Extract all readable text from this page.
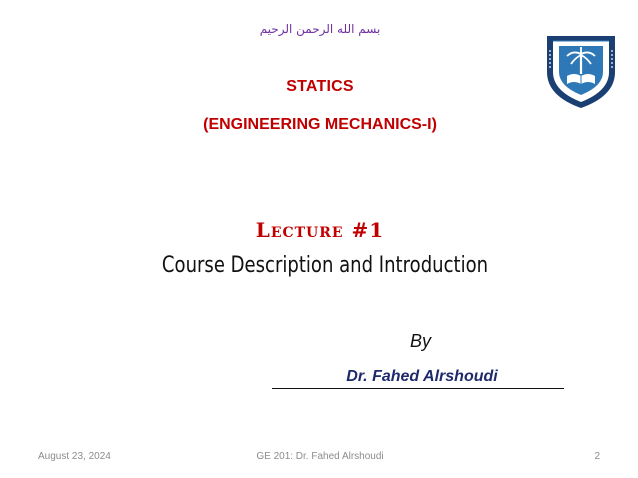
بسم الله الرحمن الرحيم
STATICS
(ENGINEERING MECHANICS-I)
Lecture #1
Course Description and Introduction
By
Dr. Fahed Alrshoudi
August 23, 2024	GE 201: Dr. Fahed Alrshoudi	2
